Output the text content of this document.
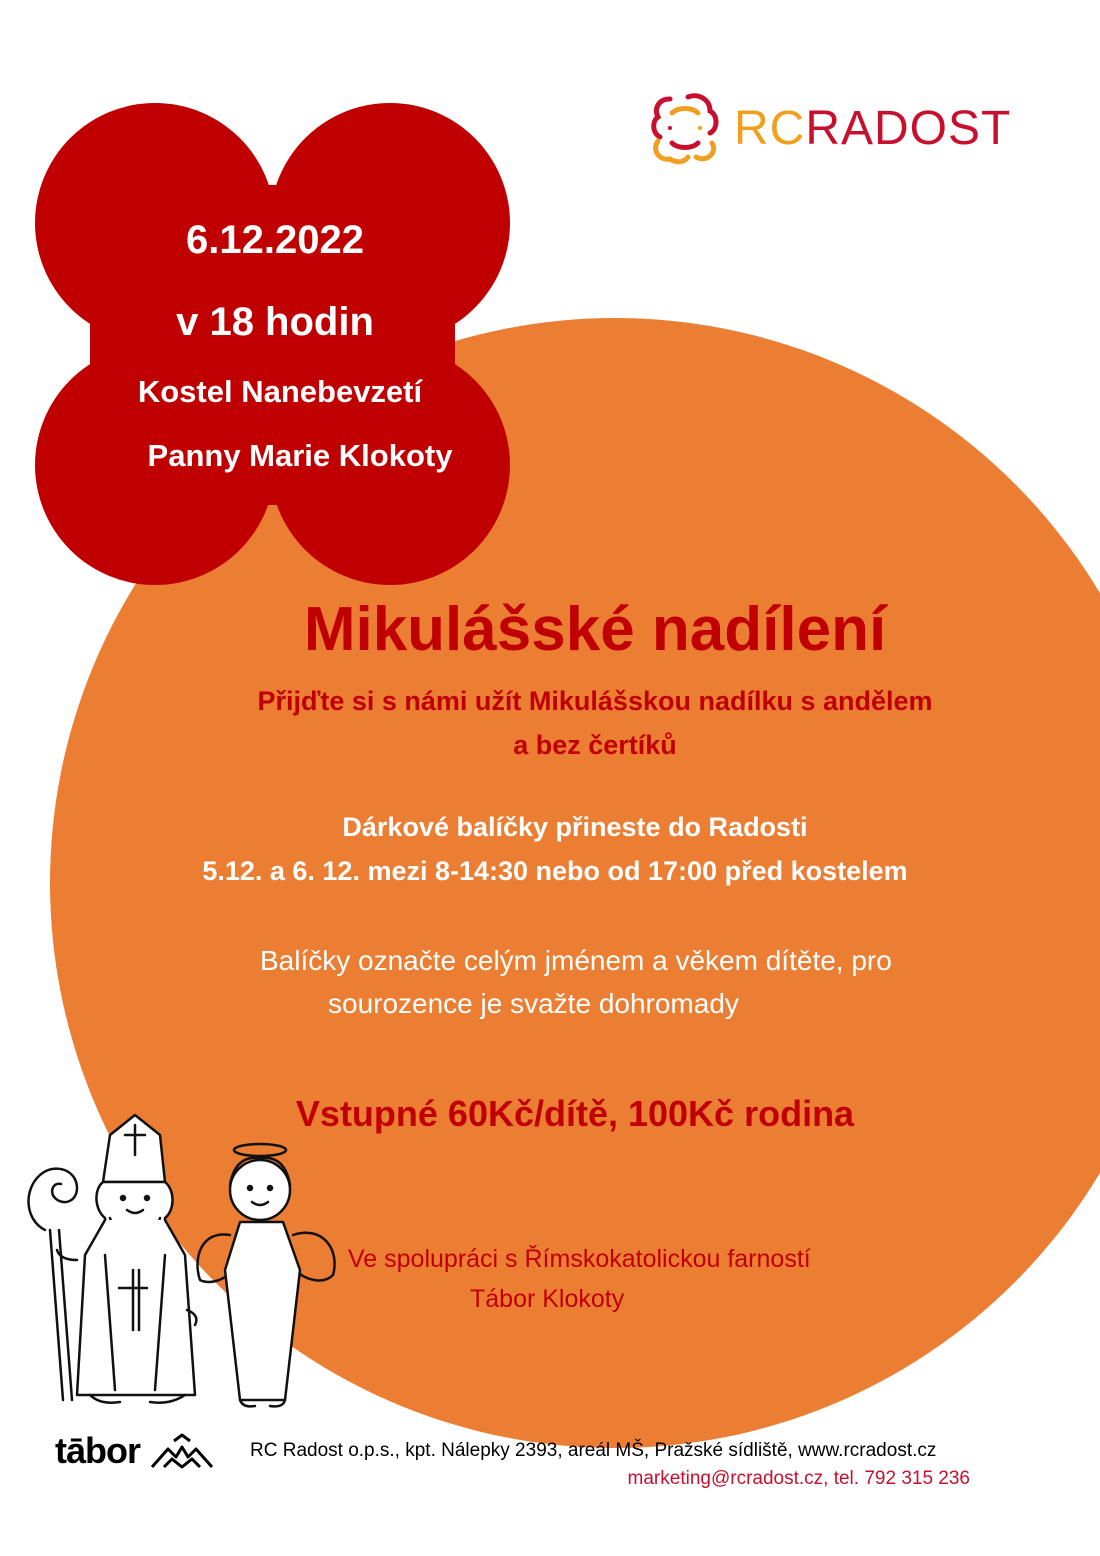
RCRADOST
6.12.2022
v 18 hodin
Kostel Nanebevzetí
Panny Marie Klokoty
Mikulášské nadílení
Přijďte si s námi užít Mikulášskou nadílku s andělem
a bez čertíků
Dárkové balíčky přineste do Radosti
5.12. a 6. 12. mezi 8-14:30 nebo od 17:00 před kostelem
Balíčky označte celým jménem a věkem dítěte, pro
sourozence je svažte dohromady
Vstupné 60Kč/dítě, 100Kč rodina
Ve spolupráci s Římskokatolickou farností
Tábor Klokoty
tābor	RC Radost o.p.s., kpt. Nálepky 2393, areál MŠ, Pražské sídliště, www.rcradost.cz
marketing@rcradost.cz, tel. 792 315 236
